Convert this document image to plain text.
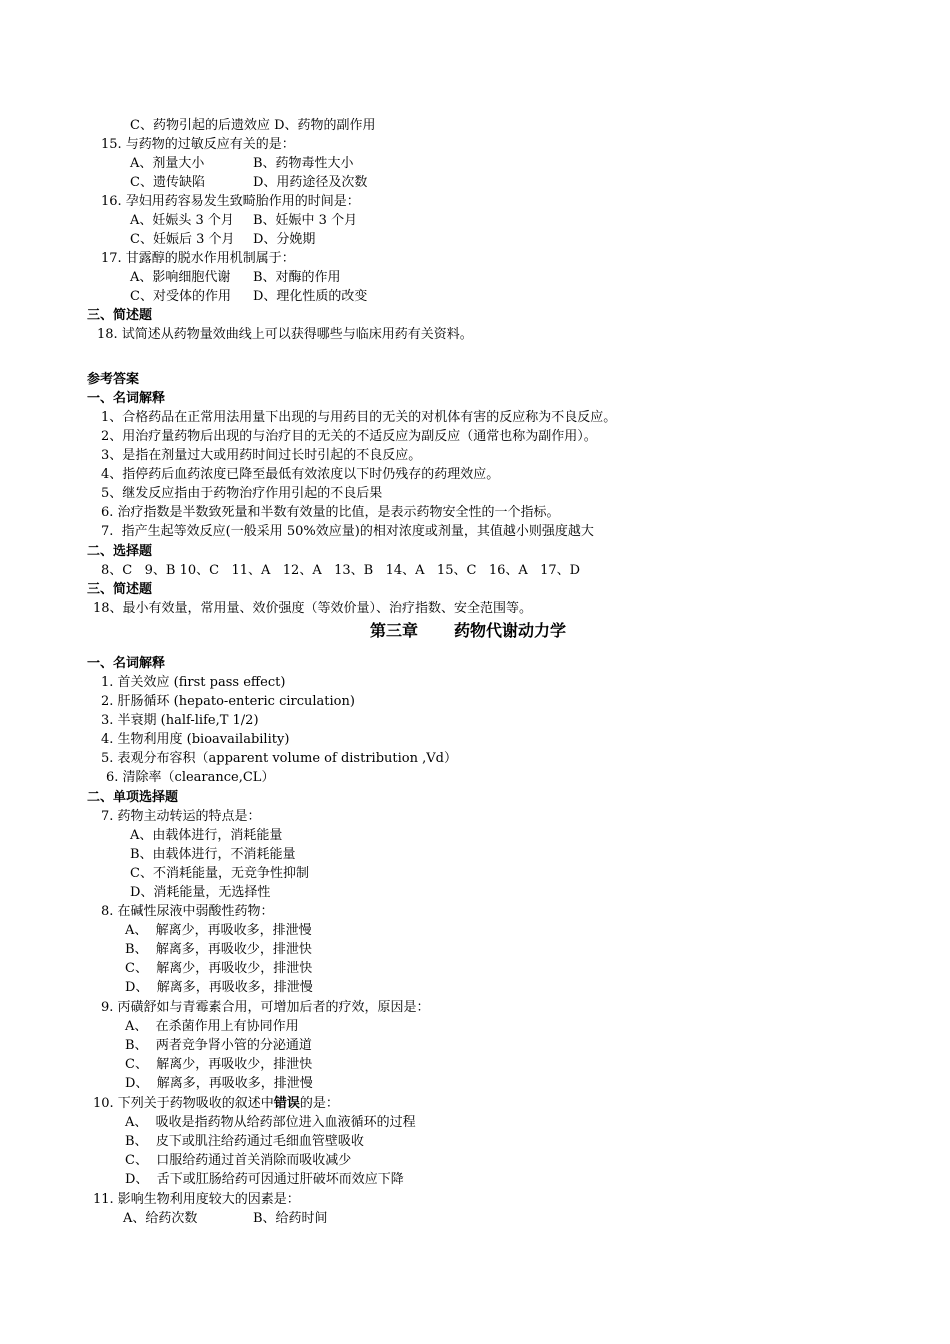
C、药物引起的后遗效应 D、药物的副作用
15. 与药物的过敏反应有关的是：
A、剂量大小	B、药物毒性大小
C、遗传缺陷	D、用药途径及次数
16. 孕妇用药容易发生致畸胎作用的时间是：
A、妊娠头 3 个月 B、妊娠中 3 个月
C、妊娠后 3 个月 D、分娩期
17. 甘露醇的脱水作用机制属于：
A、影响细胞代谢 B、对酶的作用
C、对受体的作用 D、理化性质的改变
三、简述题
18. 试简述从药物量效曲线上可以获得哪些与临床用药有关资料。
参考答案
一、名词解释
1、合格药品在正常用法用量下出现的与用药目的无关的对机体有害的反应称为不良反应。
2、用治疗量药物后出现的与治疗目的无关的不适反应为副反应（通常也称为副作用）。
3、是指在剂量过大或用药时间过长时引起的不良反应。
4、指停药后血药浓度已降至最低有效浓度以下时仍残存的药理效应。
5、继发反应指由于药物治疗作用引起的不良后果
6. 治疗指数是半数致死量和半数有效量的比值，是表示药物安全性的一个指标。
7.  指产生起等效反应(一般采用 50%效应量)的相对浓度或剂量，其值越小则强度越大
二、选择题
8、C   9、B 10、C   11、A   12、A   13、B   14、A   15、C   16、A   17、D
三、简述题
18、最小有效量，常用量、效价强度（等效价量）、治疗指数、安全范围等。
第三章 药物代谢动力学
一、名词解释
1. 首关效应 (first pass effect)
2. 肝肠循环 (hepato-enteric circulation)
3. 半衰期 (half-life,T 1/2)
4. 生物利用度 (bioavailability)
5. 表观分布容积（apparent volume of distribution ,Vd）
6. 清除率（clearance,CL）
二、单项选择题
7. 药物主动转运的特点是：
A、由载体进行，消耗能量
B、由载体进行，不消耗能量
C、不消耗能量，无竞争性抑制
D、消耗能量，无选择性
8. 在碱性尿液中弱酸性药物：
A、  解离少，再吸收多，排泄慢
B、  解离多，再吸收少，排泄快
C、  解离少，再吸收少，排泄快
D、  解离多，再吸收多，排泄慢
9. 丙磺舒如与青霉素合用，可增加后者的疗效，原因是：
A、  在杀菌作用上有协同作用
B、  两者竞争肾小管的分泌通道
C、  解离少，再吸收少，排泄快
D、  解离多，再吸收多，排泄慢
10. 下列关于药物吸收的叙述中错误的是：
A、  吸收是指药物从给药部位进入血液循环的过程
B、  皮下或肌注给药通过毛细血管壁吸收
C、  口服给药通过首关消除而吸收减少
D、  舌下或肛肠给药可因通过肝破坏而效应下降
11. 影响生物利用度较大的因素是：
A、给药次数	B、给药时间
